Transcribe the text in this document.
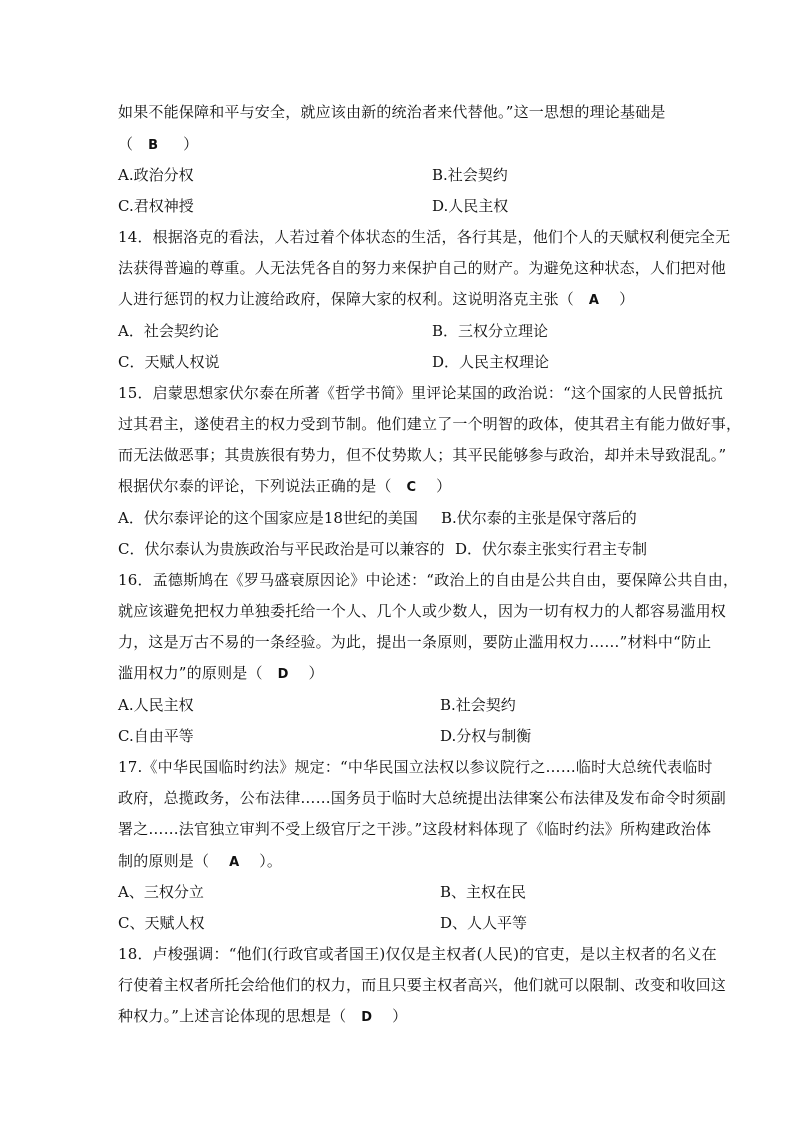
如果不能保障和平与安全，就应该由新的统治者来代替他。”这一思想的理论基础是
（ B ）
A.政治分权	B.社会契约
C.君权神授	D.人民主权
14．根据洛克的看法，人若过着个体状态的生活，各行其是，他们个人的天赋权利便完全无
法获得普遍的尊重。人无法凭各自的努力来保护自己的财产。为避免这种状态，人们把对他
人进行惩罚的权力让渡给政府，保障大家的权利。这说明洛克主张（ A ）
A．社会契约论	B．三权分立理论
C．天赋人权说	D．人民主权理论
15．启蒙思想家伏尔泰在所著《哲学书简》里评论某国的政治说：“这个国家的人民曾抵抗
过其君主，遂使君主的权力受到节制。他们建立了一个明智的政体，使其君主有能力做好事，
而无法做恶事；其贵族很有势力，但不仗势欺人；其平民能够参与政治，却并未导致混乱。”
根据伏尔泰的评论，下列说法正确的是（ C ）
A．伏尔泰评论的这个国家应是18世纪的美国 B.伏尔泰的主张是保守落后的
C．伏尔泰认为贵族政治与平民政治是可以兼容的 D．伏尔泰主张实行君主专制
16．孟德斯鸠在《罗马盛衰原因论》中论述：“政治上的自由是公共自由，要保障公共自由，
就应该避免把权力单独委托给一个人、几个人或少数人，因为一切有权力的人都容易滥用权
力，这是万古不易的一条经验。为此，提出一条原则，要防止滥用权力……”材料中“防止
滥用权力”的原则是（ D ）
A.人民主权	B.社会契约
C.自由平等	D.分权与制衡
17.《中华民国临时约法》规定：“中华民国立法权以参议院行之……临时大总统代表临时
政府，总揽政务，公布法律……国务员于临时大总统提出法律案公布法律及发布命令时须副
署之……法官独立审判不受上级官厅之干涉。”这段材料体现了《临时约法》所构建政治体
制的原则是（ A ）。
A、三权分立	B、主权在民
C、天赋人权	D、人人平等
18．卢梭强调：“他们(行政官或者国王)仅仅是主权者(人民)的官吏，是以主权者的名义在
行使着主权者所托会给他们的权力，而且只要主权者高兴，他们就可以限制、改变和收回这
种权力。”上述言论体现的思想是（ D ）
